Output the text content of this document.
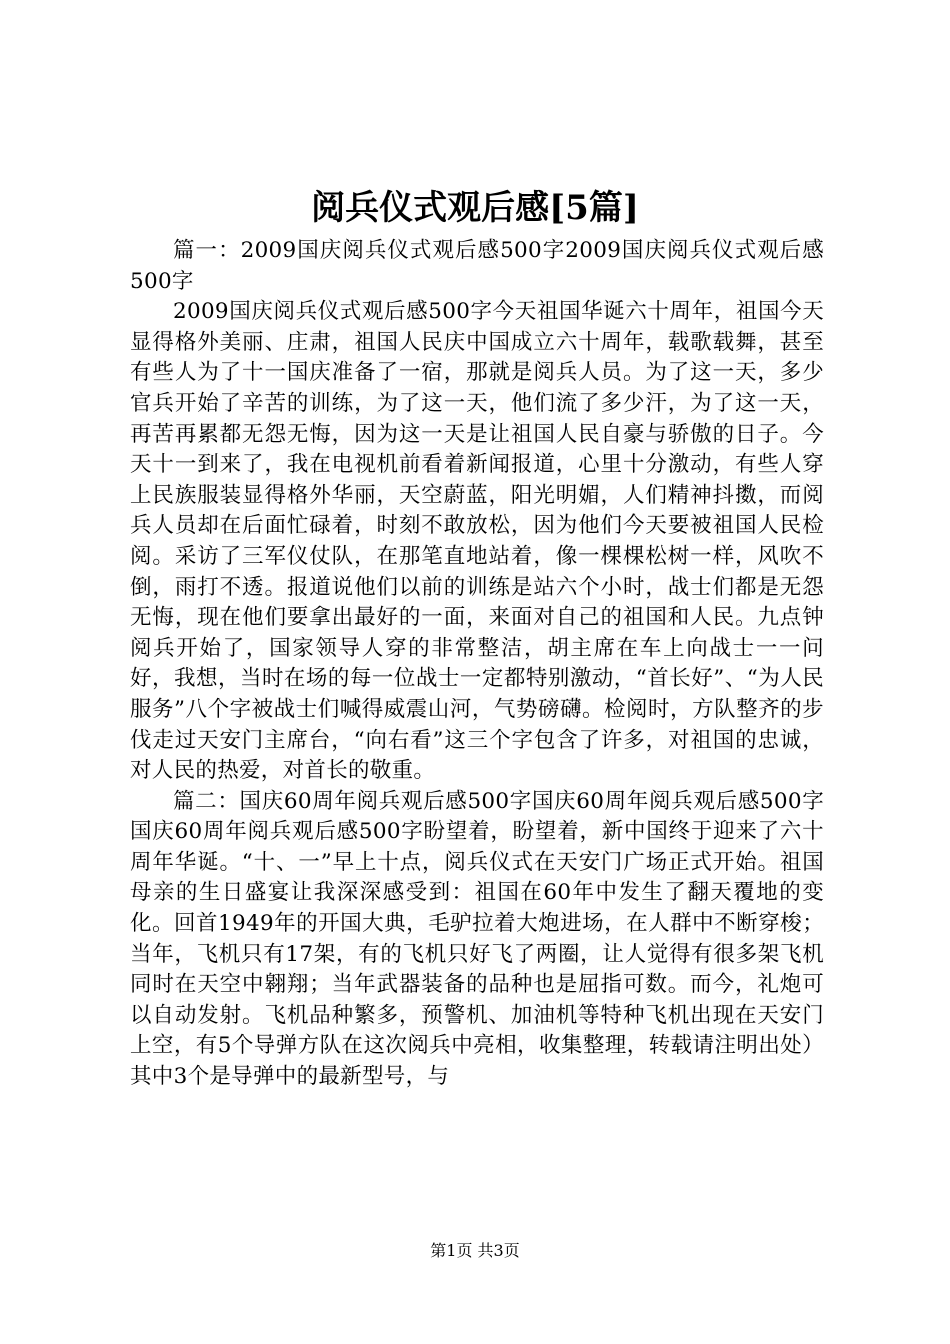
阅兵仪式观后感[5篇]

篇一：2009国庆阅兵仪式观后感500字2009国庆阅兵仪式观后感500字

2009国庆阅兵仪式观后感500字今天祖国华诞六十周年，祖国今天显得格外美丽、庄肃，祖国人民庆中国成立六十周年，载歌载舞，甚至有些人为了十一国庆准备了一宿，那就是阅兵人员。为了这一天，多少官兵开始了辛苦的训练，为了这一天，他们流了多少汗，为了这一天，再苦再累都无怨无悔，因为这一天是让祖国人民自豪与骄傲的日子。今天十一到来了，我在电视机前看着新闻报道，心里十分激动，有些人穿上民族服装显得格外华丽，天空蔚蓝，阳光明媚，人们精神抖擞，而阅兵人员却在后面忙碌着，时刻不敢放松，因为他们今天要被祖国人民检阅。采访了三军仪仗队，在那笔直地站着，像一棵棵松树一样，风吹不倒，雨打不透。报道说他们以前的训练是站六个小时，战士们都是无怨无悔，现在他们要拿出最好的一面，来面对自己的祖国和人民。九点钟阅兵开始了，国家领导人穿的非常整洁，胡主席在车上向战士一一问好，我想，当时在场的每一位战士一定都特别激动，“首长好”、“为人民服务”八个字被战士们喊得威震山河，气势磅礴。检阅时，方队整齐的步伐走过天安门主席台，“向右看”这三个字包含了许多，对祖国的忠诚，对人民的热爱，对首长的敬重。

篇二：国庆60周年阅兵观后感500字国庆60周年阅兵观后感500字国庆60周年阅兵观后感500字盼望着，盼望着，新中国终于迎来了六十周年华诞。“十、一”早上十点，阅兵仪式在天安门广场正式开始。祖国母亲的生日盛宴让我深深感受到：祖国在60年中发生了翻天覆地的变化。回首1949年的开国大典，毛驴拉着大炮进场，在人群中不断穿梭；当年，飞机只有17架，有的飞机只好飞了两圈，让人觉得有很多架飞机同时在天空中翱翔；当年武器装备的品种也是屈指可数。而今，礼炮可以自动发射。飞机品种繁多，预警机、加油机等特种飞机出现在天安门上空，有5个导弹方队在这次阅兵中亮相，收集整理，转载请注明出处）其中3个是导弹中的最新型号，与

第1页 共3页
